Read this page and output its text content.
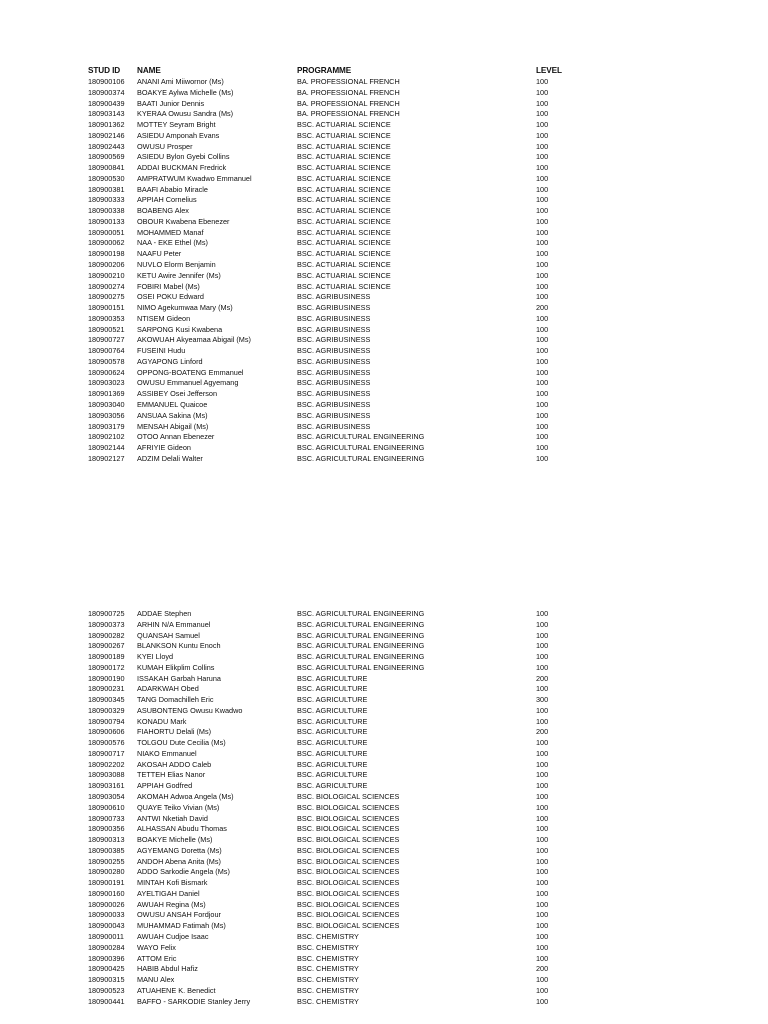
STUD ID NAME	PROGRAMME	LEVEL
180900106 ANANI Ami Miiwornor (Ms)	BA. PROFESSIONAL FRENCH	100
180900374 BOAKYE Aylwa Michelle (Ms)	BA. PROFESSIONAL FRENCH	100
180900439 BAATI Junior Dennis	BA. PROFESSIONAL FRENCH	100
180903143 KYERAA Owusu Sandra (Ms)	BA. PROFESSIONAL FRENCH	100
180901362 MOTTEY Seyram Bright	BSC. ACTUARIAL SCIENCE	100
180902146 ASIEDU Amponah Evans	BSC. ACTUARIAL SCIENCE	100
180902443 OWUSU Prosper	BSC. ACTUARIAL SCIENCE	100
180900569 ASIEDU Bylon Gyebi Collins	BSC. ACTUARIAL SCIENCE	100
180900841 ADDAI BUCKMAN Fredrick	BSC. ACTUARIAL SCIENCE	100
180900530 AMPRATWUM Kwadwo Emmanuel	BSC. ACTUARIAL SCIENCE	100
180900381 BAAFI Ababio Miracle	BSC. ACTUARIAL SCIENCE	100
180900333 APPIAH Cornelius	BSC. ACTUARIAL SCIENCE	100
180900338 BOABENG Alex	BSC. ACTUARIAL SCIENCE	100
180900133 OBOUR Kwabena Ebenezer	BSC. ACTUARIAL SCIENCE	100
180900051 MOHAMMED Manaf	BSC. ACTUARIAL SCIENCE	100
180900062 NAA - EKE Ethel (Ms)	BSC. ACTUARIAL SCIENCE	100
180900198 NAAFU Peter	BSC. ACTUARIAL SCIENCE	100
180900206 NUVLO Elorm Benjamin	BSC. ACTUARIAL SCIENCE	100
180900210 KETU Awire Jennifer (Ms)	BSC. ACTUARIAL SCIENCE	100
180900274 FOBIRI Mabel (Ms)	BSC. ACTUARIAL SCIENCE	100
180900275 OSEI POKU Edward	BSC. AGRIBUSINESS	100
180900151 NIMO Agekumwaa Mary (Ms)	BSC. AGRIBUSINESS	200
180900353 NTISEM Gideon	BSC. AGRIBUSINESS	100
180900521 SARPONG Kusi Kwabena	BSC. AGRIBUSINESS	100
180900727 AKOWUAH Akyeamaa Abigail (Ms)	BSC. AGRIBUSINESS	100
180900764 FUSEINI Hudu	BSC. AGRIBUSINESS	100
180900578 AGYAPONG Linford	BSC. AGRIBUSINESS	100
180900624 OPPONG-BOATENG Emmanuel	BSC. AGRIBUSINESS	100
180903023 OWUSU Emmanuel Agyemang	BSC. AGRIBUSINESS	100
180901369 ASSIBEY Osei Jefferson	BSC. AGRIBUSINESS	100
180903040 EMMANUEL Quaicoe	BSC. AGRIBUSINESS	100
180903056 ANSUAA Sakina (Ms)	BSC. AGRIBUSINESS	100
180903179 MENSAH Abigail (Ms)	BSC. AGRIBUSINESS	100
180902102 OTOO Annan Ebenezer	BSC. AGRICULTURAL ENGINEERING	100
180902144 AFRIYIE Gideon	BSC. AGRICULTURAL ENGINEERING	100
180902127 ADZIM Delali Walter	BSC. AGRICULTURAL ENGINEERING	100
180900725 ADDAE Stephen	BSC. AGRICULTURAL ENGINEERING	100
180900373 ARHIN N/A Emmanuel	BSC. AGRICULTURAL ENGINEERING	100
180900282 QUANSAH Samuel	BSC. AGRICULTURAL ENGINEERING	100
180900267 BLANKSON Kuntu Enoch	BSC. AGRICULTURAL ENGINEERING	100
180900189 KYEI Lloyd	BSC. AGRICULTURAL ENGINEERING	100
180900172 KUMAH Elikplim Collins	BSC. AGRICULTURAL ENGINEERING	100
180900190 ISSAKAH Garbah Haruna	BSC. AGRICULTURE	200
180900231 ADARKWAH Obed	BSC. AGRICULTURE	100
180900345 TANG Domachilleh Eric	BSC. AGRICULTURE	300
180900329 ASUBONTENG Owusu Kwadwo	BSC. AGRICULTURE	100
180900794 KONADU Mark	BSC. AGRICULTURE	100
180900606 FIAHORTU Delali (Ms)	BSC. AGRICULTURE	200
180900576 TOLGOU Dute Cecilia (Ms)	BSC. AGRICULTURE	100
180900717 NIAKO Emmanuel	BSC. AGRICULTURE	100
180902202 AKOSAH ADDO Caleb	BSC. AGRICULTURE	100
180903088 TETTEH Elias Nanor	BSC. AGRICULTURE	100
180903161 APPIAH Godfred	BSC. AGRICULTURE	100
180903054 AKOMAH Adwoa Angela (Ms)	BSC. BIOLOGICAL SCIENCES	100
180900610 QUAYE Teiko Vivian (Ms)	BSC. BIOLOGICAL SCIENCES	100
180900733 ANTWI Nketiah David	BSC. BIOLOGICAL SCIENCES	100
180900356 ALHASSAN Abudu Thomas	BSC. BIOLOGICAL SCIENCES	100
180900313 BOAKYE Michelle (Ms)	BSC. BIOLOGICAL SCIENCES	100
180900385 AGYEMANG Doretta (Ms)	BSC. BIOLOGICAL SCIENCES	100
180900255 ANDOH Abena Anita (Ms)	BSC. BIOLOGICAL SCIENCES	100
180900280 ADDO Sarkodie Angela (Ms)	BSC. BIOLOGICAL SCIENCES	100
180900191 MINTAH Kofi Bismark	BSC. BIOLOGICAL SCIENCES	100
180900160 AYELTIGAH Daniel	BSC. BIOLOGICAL SCIENCES	100
180900026 AWUAH Regina (Ms)	BSC. BIOLOGICAL SCIENCES	100
180900033 OWUSU ANSAH Fordjour	BSC. BIOLOGICAL SCIENCES	100
180900043 MUHAMMAD Fatimah (Ms)	BSC. BIOLOGICAL SCIENCES	100
180900011 AWUAH Cudjoe Isaac	BSC. CHEMISTRY	100
180900284 WAYO Felix	BSC. CHEMISTRY	100
180900396 ATTOM Eric	BSC. CHEMISTRY	100
180900425 HABIB Abdul Hafiz	BSC. CHEMISTRY	200
180900315 MANU Alex	BSC. CHEMISTRY	100
180900523 ATUAHENE K. Benedict	BSC. CHEMISTRY	100
180900441 BAFFO - SARKODIE Stanley Jerry	BSC. CHEMISTRY	100
